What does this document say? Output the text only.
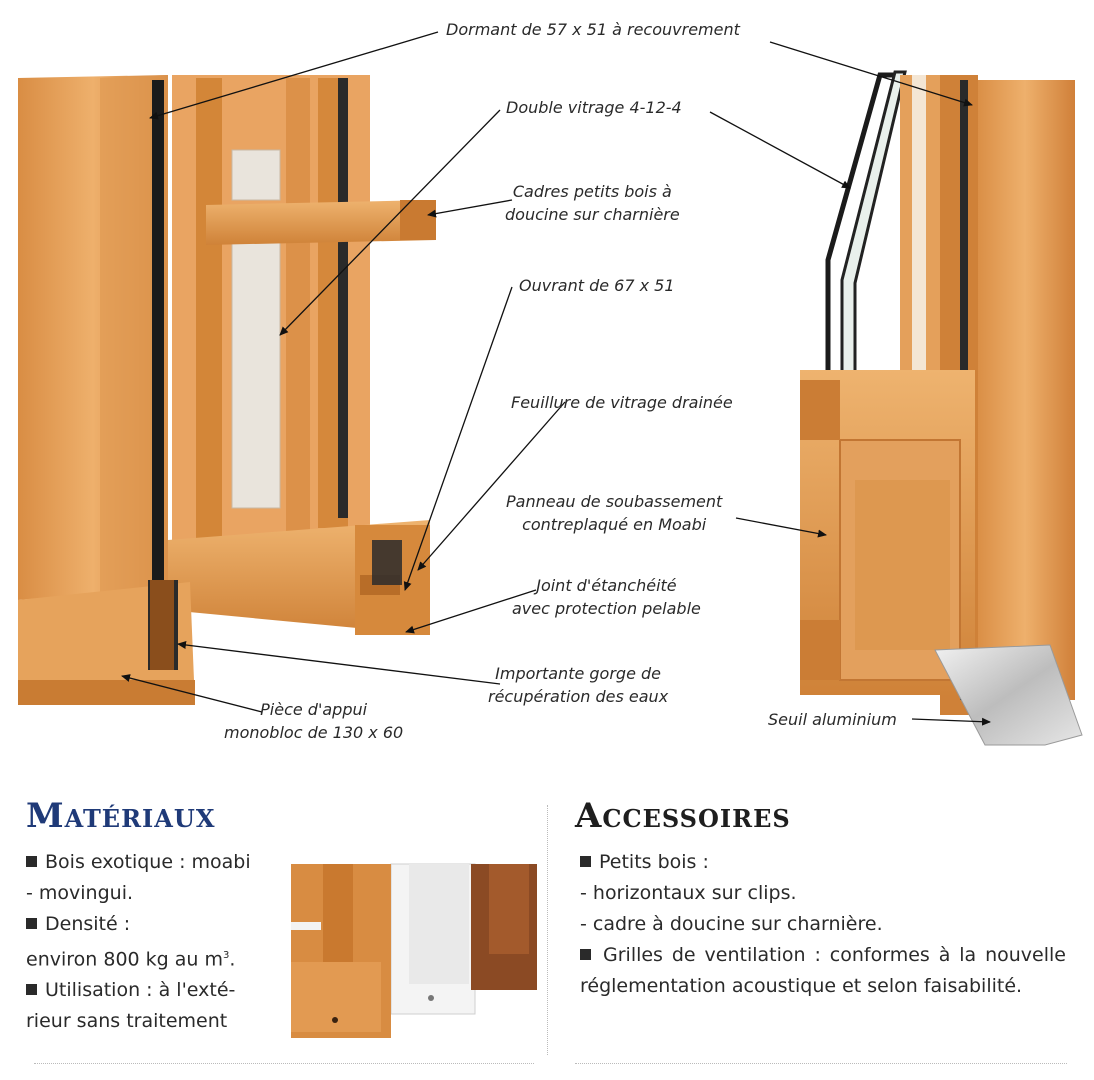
Dormant de 57 x 51 à recouvrement
Double vitrage 4-12-4
Cadres petits bois à
doucine sur charnière
Ouvrant de 67 x 51
Feuillure de vitrage drainée
Panneau de soubassement
contreplaqué en Moabi
Joint d'étanchéité
avec protection pelable
Importante gorge de
récupération des eaux
Pièce d'appui
monobloc de 130 x 60
Seuil aluminium
Matériaux
Bois exotique : moabi
- movingui.
Densité :
environ 800 kg au $m^3$.
Utilisation : à l'exté-
rieur sans traitement
Accessoires
Petits bois :
- horizontaux sur clips.
- cadre à doucine sur charnière.
Grilles de ventilation : conformes à la nouvelle réglementation acoustique et selon faisabilité.
